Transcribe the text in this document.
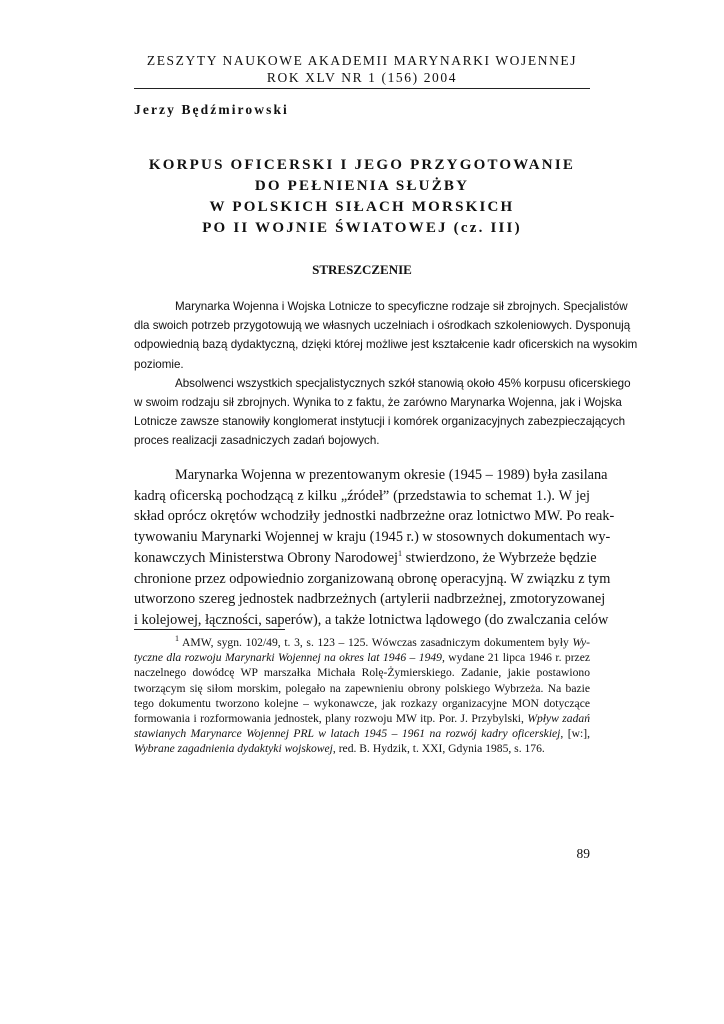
ZESZYTY NAUKOWE AKADEMII MARYNARKI WOJENNEJ
ROK XLV NR 1 (156) 2004
Jerzy Będźmirowski
KORPUS OFICERSKI I JEGO PRZYGOTOWANIE
DO PEŁNIENIA SŁUŻBY
W POLSKICH SIŁACH MORSKICH
PO II WOJNIE ŚWIATOWEJ (cz. III)
STRESZCZENIE
Marynarka Wojenna i Wojska Lotnicze to specyficzne rodzaje sił zbrojnych. Specjalistów
dla swoich potrzeb przygotowują we własnych uczelniach i ośrodkach szkoleniowych. Dysponują
odpowiednią bazą dydaktyczną, dzięki której możliwe jest kształcenie kadr oficerskich na wysokim
poziomie.
Absolwenci wszystkich specjalistycznych szkół stanowią około 45% korpusu oficerskiego
w swoim rodzaju sił zbrojnych. Wynika to z faktu, że zarówno Marynarka Wojenna, jak i Wojska
Lotnicze zawsze stanowiły konglomerat instytucji i komórek organizacyjnych zabezpieczających
proces realizacji zasadniczych zadań bojowych.
Marynarka Wojenna w prezentowanym okresie (1945 – 1989) była zasilana
kadrą oficerską pochodzącą z kilku „źródeł” (przedstawia to schemat 1.). W jej
skład oprócz okrętów wchodziły jednostki nadbrzeżne oraz lotnictwo MW. Po reak-
tywowaniu Marynarki Wojennej w kraju (1945 r.) w stosownych dokumentach wy-
konawczych Ministerstwa Obrony Narodowej$^1$ stwierdzono, że Wybrzeże będzie
chronione przez odpowiednio zorganizowaną obronę operacyjną. W związku z tym
utworzono szereg jednostek nadbrzeżnych (artylerii nadbrzeżnej, zmotoryzowanej
i kolejowej, łączności, saperów), a także lotnictwa lądowego (do zwalczania celów
$^1$ AMW, sygn. 102/49, t. 3, s. 123 – 125. Wówczas zasadniczym dokumentem były Wy-
tyczne dla rozwoju Marynarki Wojennej na okres lat 1946 – 1949, wydane 21 lipca 1946 r. przez
naczelnego dowódcę WP marszałka Michała Rolę-Żymierskiego. Zadanie, jakie postawiono
tworzącym się siłom morskim, polegało na zapewnieniu obrony polskiego Wybrzeża. Na bazie
tego dokumentu tworzono kolejne – wykonawcze, jak rozkazy organizacyjne MON dotyczące
formowania i rozformowania jednostek, plany rozwoju MW itp. Por. J. Przybylski, Wpływ zadań
stawianych Marynarce Wojennej PRL w latach 1945 – 1961 na rozwój kadry oficerskiej, [w:],
Wybrane zagadnienia dydaktyki wojskowej, red. B. Hydzik, t. XXI, Gdynia 1985, s. 176.
89
